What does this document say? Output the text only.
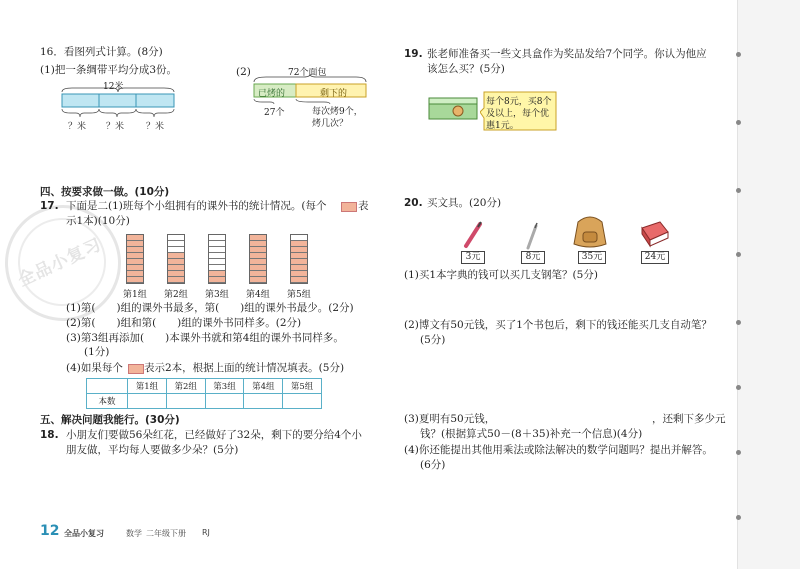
全品小复习
16．看图列式计算。(8分)
(1)把一条绸带平均分成3份。
12米
？米 ？米 ？米
(2)	72个面包
已烤的	剩下的
27个	每次烤9个，
烤几次？
四、按要求做一做。(10分)
17. 下面是二(1)班每个小组拥有的课外书的统计情况。(每个	表
示1本)(10分)
第1组 第2组 第3组 第4组 第5组
(1)第(　　)组的课外书最多，第(　　)组的课外书最少。(2分)
(2)第(　　)组和第(　　)组的课外书同样多。(2分)
(3)第3组再添加(　　)本课外书就和第4组的课外书同样多。
(1分)
(4)如果每个 表示2本，根据上面的统计情况填表。(5分)
	第1组	第2组	第3组	第4组	第5组
本数					
五、解决问题我能行。(30分)
18. 小朋友们要做56朵红花，已经做好了32朵，剩下的要分给4个小
朋友做，平均每人要做多少朵？(5分)
12 全品小复习	数学 二年级下册 RJ
19. 张老师准备买一些文具盒作为奖品发给7个同学。你认为他应
该怎么买？(5分)
每个8元，买8个
及以上，每个优
惠1元。
20. 买文具。(20分)
3元	8元	35元	24元
(1)买1本字典的钱可以买几支钢笔？(5分)
(2)博文有50元钱，买了1个书包后，剩下的钱还能买几支自动笔？
(5分)
(3)夏明有50元钱，	，还剩下多少元
钱？(根据算式50－(8＋35)补充一个信息)(4分)
(4)你还能提出其他用乘法或除法解决的数学问题吗？提出并解答。
(6分)
